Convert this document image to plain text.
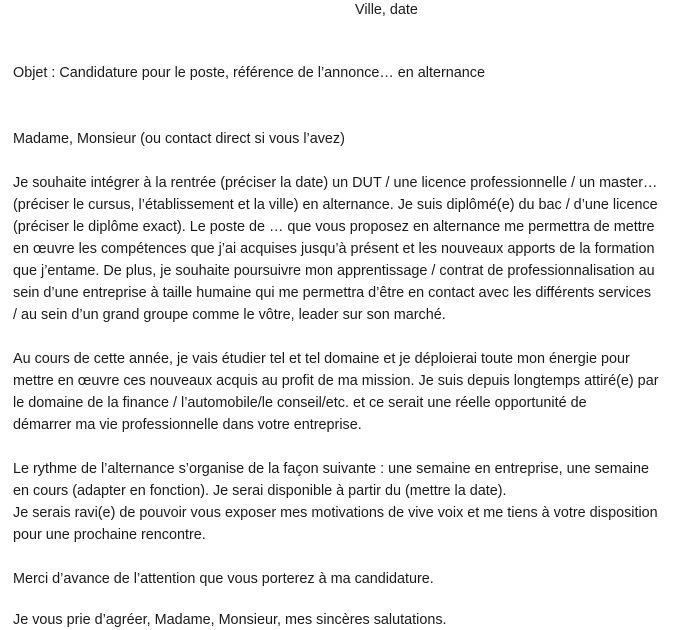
Ville, date
Objet : Candidature pour le poste, référence de l’annonce… en alternance
Madame, Monsieur (ou contact direct si vous l’avez)
Je souhaite intégrer à la rentrée (préciser la date) un DUT / une licence professionnelle / un master…
(préciser le cursus, l’établissement et la ville) en alternance. Je suis diplômé(e) du bac / d’une licence
(préciser le diplôme exact). Le poste de … que vous proposez en alternance me permettra de mettre
en œuvre les compétences que j’ai acquises jusqu’à présent et les nouveaux apports de la formation
que j’entame. De plus, je souhaite poursuivre mon apprentissage / contrat de professionnalisation au
sein d’une entreprise à taille humaine qui me permettra d’être en contact avec les différents services
/ au sein d’un grand groupe comme le vôtre, leader sur son marché.
Au cours de cette année, je vais étudier tel et tel domaine et je déploierai toute mon énergie pour
mettre en œuvre ces nouveaux acquis au profit de ma mission. Je suis depuis longtemps attiré(e) par
le domaine de la finance / l’automobile/le conseil/etc. et ce serait une réelle opportunité de
démarrer ma vie professionnelle dans votre entreprise.
Le rythme de l’alternance s’organise de la façon suivante : une semaine en entreprise, une semaine
en cours (adapter en fonction). Je serai disponible à partir du (mettre la date).
Je serais ravi(e) de pouvoir vous exposer mes motivations de vive voix et me tiens à votre disposition
pour une prochaine rencontre.
Merci d’avance de l’attention que vous porterez à ma candidature.
Je vous prie d’agréer, Madame, Monsieur, mes sincères salutations.
